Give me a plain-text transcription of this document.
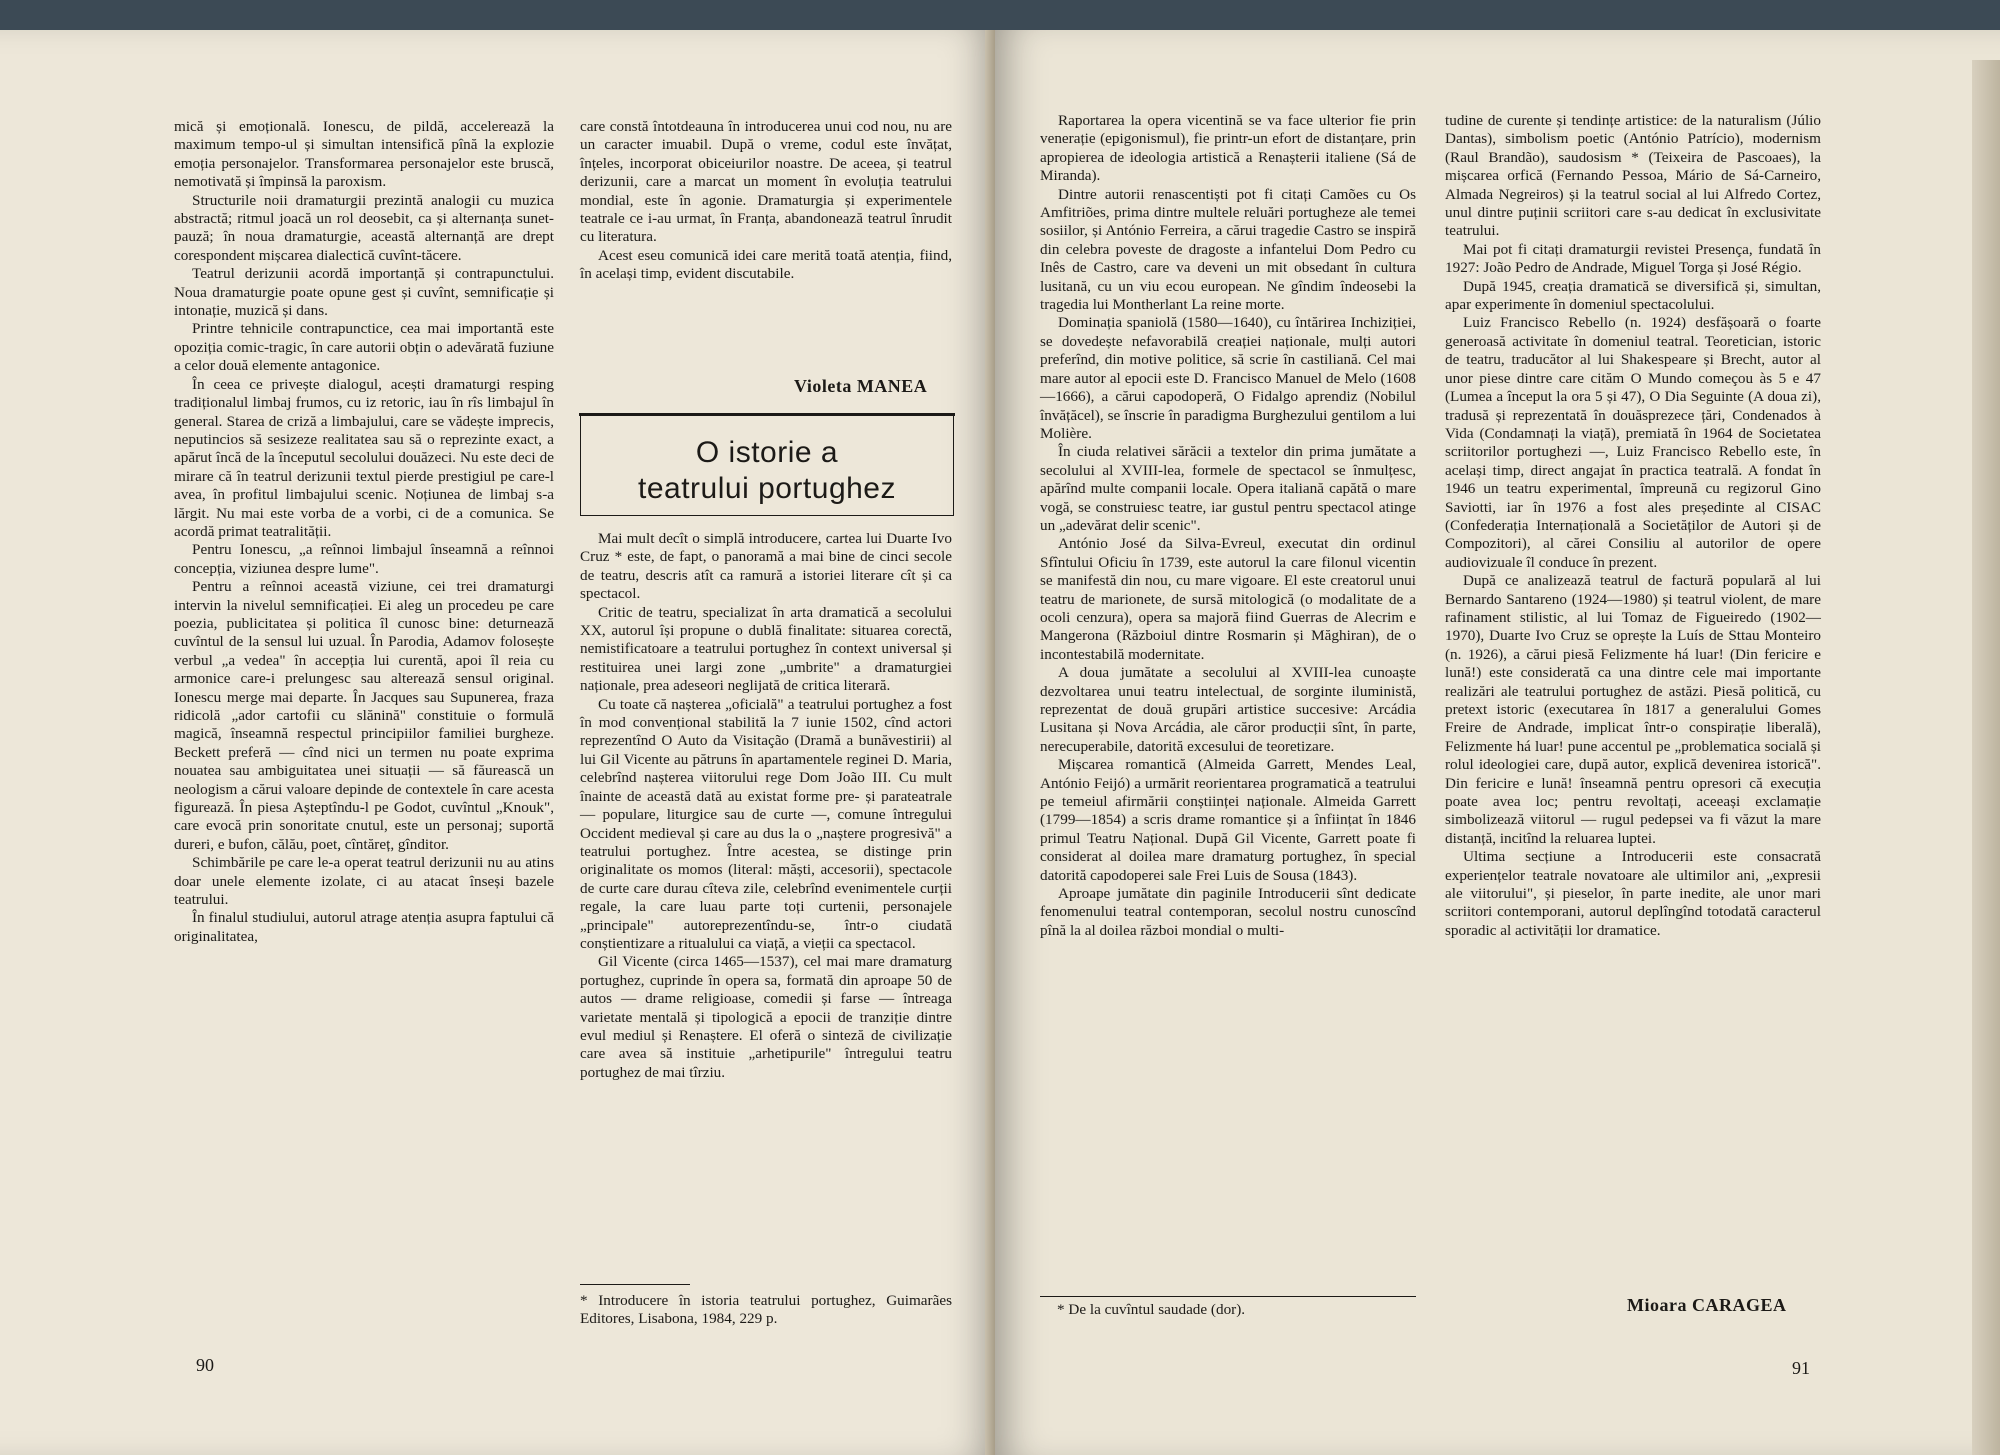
mică și emoțională. Ionescu, de pildă, accelerează la maximum tempo-ul și simultan intensifică pînă la explozie emoția personajelor. Transformarea personajelor este bruscă, nemotivată și împinsă la paroxism.

Structurile noii dramaturgii prezintă analogii cu muzica abstractă; ritmul joacă un rol deosebit, ca și alternanța sunet-pauză; în noua dramaturgie, această alternanță are drept corespondent mișcarea dialectică cuvînt-tăcere.

Teatrul derizunii acordă importanță și contrapunctului. Noua dramaturgie poate opune gest și cuvînt, semnificație și intonație, muzică și dans.

Printre tehnicile contrapunctice, cea mai importantă este opoziția comic-tragic, în care autorii obțin o adevărată fuziune a celor două elemente antagonice.

În ceea ce privește dialogul, acești dramaturgi resping tradiționalul limbaj frumos, cu iz retoric, iau în rîs limbajul în general. Starea de criză a limbajului, care se vădește imprecis, neputincios să sesizeze realitatea sau să o reprezinte exact, a apărut încă de la începutul secolului douăzeci. Nu este deci de mirare că în teatrul derizunii textul pierde prestigiul pe care-l avea, în profitul limbajului scenic. Noțiunea de limbaj s-a lărgit. Nu mai este vorba de a vorbi, ci de a comunica. Se acordă primat teatralității.

Pentru Ionescu, „a reînnoi limbajul înseamnă a reînnoi concepția, viziunea despre lume".

Pentru a reînnoi această viziune, cei trei dramaturgi intervin la nivelul semnificației. Ei aleg un procedeu pe care poezia, publicitatea și politica îl cunosc bine: deturnează cuvîntul de la sensul lui uzual. În Parodia, Adamov folosește verbul „a vedea" în accepția lui curentă, apoi îl reia cu armonice care-i prelungesc sau alterează sensul original. Ionescu merge mai departe. În Jacques sau Supunerea, fraza ridicolă „ador cartofii cu slănină" constituie o formulă magică, înseamnă respectul principiilor familiei burgheze. Beckett preferă — cînd nici un termen nu poate exprima nouatea sau ambiguitatea unei situații — să făurească un neologism a cărui valoare depinde de contextele în care acesta figurează. În piesa Așteptîndu-l pe Godot, cuvîntul „Knouk", care evocă prin sonoritate cnutul, este un personaj; suportă dureri, e bufon, călău, poet, cîntăreț, gînditor.

Schimbările pe care le-a operat teatrul derizunii nu au atins doar unele elemente izolate, ci au atacat înseși bazele teatrului.

În finalul studiului, autorul atrage atenția asupra faptului că originalitatea,

care constă întotdeauna în introducerea unui cod nou, nu are un caracter imuabil. După o vreme, codul este învățat, înțeles, incorporat obiceiurilor noastre. De aceea, și teatrul derizunii, care a marcat un moment în evoluția teatrului mondial, este în agonie. Dramaturgia și experimentele teatrale ce i-au urmat, în Franța, abandonează teatrul înrudit cu literatura.

Acest eseu comunică idei care merită toată atenția, fiind, în același timp, evident discutabile.

Violeta MANEA
O istorie a
teatrului portughez

Mai mult decît o simplă introducere, cartea lui Duarte Ivo Cruz * este, de fapt, o panoramă a mai bine de cinci secole de teatru, descris atît ca ramură a istoriei literare cît și ca spectacol.

Critic de teatru, specializat în arta dramatică a secolului XX, autorul își propune o dublă finalitate: situarea corectă, nemistificatoare a teatrului portughez în context universal și restituirea unei largi zone „umbrite" a dramaturgiei naționale, prea adeseori neglijată de critica literară.

Cu toate că nașterea „oficială" a teatrului portughez a fost în mod convențional stabilită la 7 iunie 1502, cînd actori reprezentînd O Auto da Visitação (Dramă a bunăvestirii) al lui Gil Vicente au pătruns în apartamentele reginei D. Maria, celebrînd nașterea viitorului rege Dom João III. Cu mult înainte de această dată au existat forme pre- și parateatrale — populare, liturgice sau de curte —, comune întregului Occident medieval și care au dus la o „naștere progresivă" a teatrului portughez. Între acestea, se distinge prin originalitate os momos (literal: măști, accesorii), spectacole de curte care durau cîteva zile, celebrînd evenimentele curții regale, la care luau parte toți curtenii, personajele „principale" autoreprezentîndu-se, într-o ciudată conștientizare a ritualului ca viață, a vieții ca spectacol.

Gil Vicente (circa 1465—1537), cel mai mare dramaturg portughez, cuprinde în opera sa, formată din aproape 50 de autos — drame religioase, comedii și farse — întreaga varietate mentală și tipologică a epocii de tranziție dintre evul mediul și Renaștere. El oferă o sinteză de civilizație care avea să instituie „arhetipurile" întregului teatru portughez de mai tîrziu.

* Introducere în istoria teatrului portughez, Guimarães Editores, Lisabona, 1984, 229 p.
90

Raportarea la opera vicentină se va face ulterior fie prin venerație (epigonismul), fie printr-un efort de distanțare, prin apropierea de ideologia artistică a Renașterii italiene (Sá de Miranda).

Dintre autorii renascentiști pot fi citați Camões cu Os Amfitriões, prima dintre multele reluări portugheze ale temei sosiilor, și António Ferreira, a cărui tragedie Castro se inspiră din celebra poveste de dragoste a infantelui Dom Pedro cu Inês de Castro, care va deveni un mit obsedant în cultura lusitană, cu un viu ecou european. Ne gîndim îndeosebi la tragedia lui Montherlant La reine morte.

Dominația spaniolă (1580—1640), cu întărirea Inchiziției, se dovedește nefavorabilă creației naționale, mulți autori preferînd, din motive politice, să scrie în castiliană. Cel mai mare autor al epocii este D. Francisco Manuel de Melo (1608—1666), a cărui capodoperă, O Fidalgo aprendiz (Nobilul învățăcel), se înscrie în paradigma Burghezului gentilom a lui Molière.

În ciuda relativei sărăcii a textelor din prima jumătate a secolului al XVIII-lea, formele de spectacol se înmulțesc, apărînd multe companii locale. Opera italiană capătă o mare vogă, se construiesc teatre, iar gustul pentru spectacol atinge un „adevărat delir scenic".

António José da Silva-Evreul, executat din ordinul Sfîntului Oficiu în 1739, este autorul la care filonul vicentin se manifestă din nou, cu mare vigoare. El este creatorul unui teatru de marionete, de sursă mitologică (o modalitate de a ocoli cenzura), opera sa majoră fiind Guerras de Alecrim e Mangerona (Războiul dintre Rosmarin și Măghiran), de o incontestabilă modernitate.

A doua jumătate a secolului al XVIII-lea cunoaște dezvoltarea unui teatru intelectual, de sorginte iluministă, reprezentat de două grupări artistice succesive: Arcádia Lusitana și Nova Arcádia, ale căror producții sînt, în parte, nerecuperabile, datorită excesului de teoretizare.

Mișcarea romantică (Almeida Garrett, Mendes Leal, António Feijó) a urmărit reorientarea programatică a teatrului pe temeiul afirmării conștiinței naționale. Almeida Garrett (1799—1854) a scris drame romantice și a înființat în 1846 primul Teatru Național. După Gil Vicente, Garrett poate fi considerat al doilea mare dramaturg portughez, în special datorită capodoperei sale Frei Luis de Sousa (1843).

Aproape jumătate din paginile Introducerii sînt dedicate fenomenului teatral contemporan, secolul nostru cunoscînd pînă la al doilea război mondial o multi-

* De la cuvîntul saudade (dor).

tudine de curente și tendințe artistice: de la naturalism (Júlio Dantas), simbolism poetic (António Patrício), modernism (Raul Brandão), saudosism * (Teixeira de Pascoaes), la mișcarea orfică (Fernando Pessoa, Mário de Sá-Carneiro, Almada Negreiros) și la teatrul social al lui Alfredo Cortez, unul dintre puținii scriitori care s-au dedicat în exclusivitate teatrului.

Mai pot fi citați dramaturgii revistei Presença, fundată în 1927: João Pedro de Andrade, Miguel Torga și José Régio.

După 1945, creația dramatică se diversifică și, simultan, apar experimente în domeniul spectacolului.

Luiz Francisco Rebello (n. 1924) desfășoară o foarte generoasă activitate în domeniul teatral. Teoretician, istoric de teatru, traducător al lui Shakespeare și Brecht, autor al unor piese dintre care cităm O Mundo começou às 5 e 47 (Lumea a început la ora 5 și 47), O Dia Seguinte (A doua zi), tradusă și reprezentată în douăsprezece țări, Condenados à Vida (Condamnați la viață), premiată în 1964 de Societatea scriitorilor portughezi —, Luiz Francisco Rebello este, în același timp, direct angajat în practica teatrală. A fondat în 1946 un teatru experimental, împreună cu regizorul Gino Saviotti, iar în 1976 a fost ales președinte al CISAC (Confederația Internațională a Societăților de Autori și de Compozitori), al cărei Consiliu al autorilor de opere audiovizuale îl conduce în prezent.

După ce analizează teatrul de factură populară al lui Bernardo Santareno (1924—1980) și teatrul violent, de mare rafinament stilistic, al lui Tomaz de Figueiredo (1902—1970), Duarte Ivo Cruz se oprește la Luís de Sttau Monteiro (n. 1926), a cărui piesă Felizmente há luar! (Din fericire e lună!) este considerată ca una dintre cele mai importante realizări ale teatrului portughez de astăzi. Piesă politică, cu pretext istoric (executarea în 1817 a generalului Gomes Freire de Andrade, implicat într-o conspirație liberală), Felizmente há luar! pune accentul pe „problematica socială și rolul ideologiei care, după autor, explică devenirea istorică". Din fericire e lună! înseamnă pentru opresori că execuția poate avea loc; pentru revoltați, aceeași exclamație simbolizează viitorul — rugul pedepsei va fi văzut la mare distanță, incitînd la reluarea luptei.

Ultima secțiune a Introducerii este consacrată experiențelor teatrale novatoare ale ultimilor ani, „expresii ale viitorului", și pieselor, în parte inedite, ale unor mari scriitori contemporani, autorul deplîngînd totodată caracterul sporadic al activității lor dramatice.

Mioara CARAGEA
91
